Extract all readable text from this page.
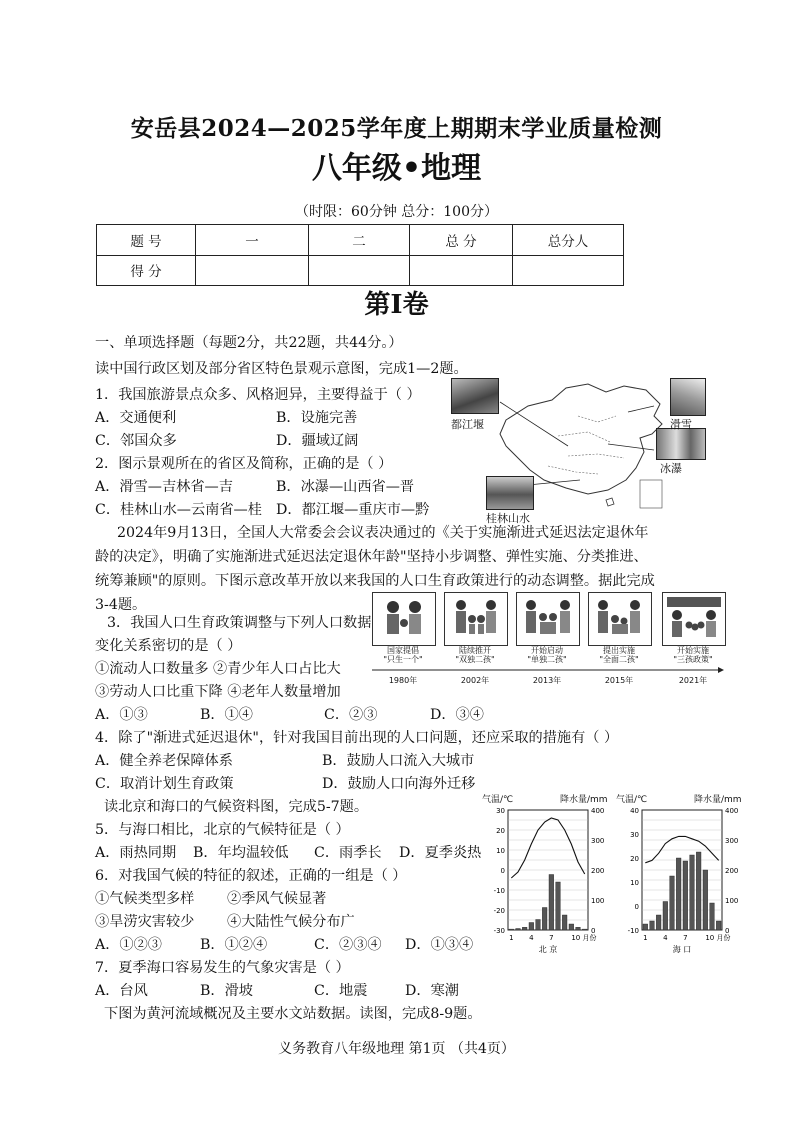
安岳县2024—2025学年度上期期末学业质量检测
八年级•地理
（时限：60分钟 总分：100分）
题 号	一	二	总 分	总分人
得 分				
第I卷
一、单项选择题（每题2分，共22题，共44分。）
读中国行政区划及部分省区特色景观示意图，完成1—2题。
1．我国旅游景点众多、风格迥异，主要得益于（ ）
A．交通便利	B．设施完善
C．邻国众多	D．疆域辽阔
2．图示景观所在的省区及简称，正确的是（ ）
A．滑雪—吉林省—吉	B．冰瀑—山西省—晋
C．桂林山水—云南省—桂 D．都江堰—重庆市—黔
都江堰	滑雪
冰瀑
桂林山水
2024年9月13日，全国人大常委会会议表决通过的《关于实施渐进式延迟法定退休年
龄的决定》，明确了实施渐进式延迟法定退休年龄"坚持小步调整、弹性实施、分类推进、
统筹兼顾"的原则。下图示意改革开放以来我国的人口生育政策进行的动态调整。据此完成
3-4题。
3．我国人口生育政策调整与下列人口数据
变化关系密切的是（ ）
①流动人口数量多 ②青少年人口占比大
③劳动人口比重下降 ④老年人数量增加
A．①③	B．①④	C．②③	D．③④
国家提倡
"只生一个"
陆续推开
"双独二孩"
开始启动
"单独二孩"
提出实施
"全面二孩"
开始实施
"三孩政策"
1980年	2002年	2013年	2015年	2021年
4．除了"渐进式延迟退休"，针对我国目前出现的人口问题，还应采取的措施有（ ）
A．健全养老保障体系	B．鼓励人口流入大城市
C．取消计划生育政策	D．鼓励人口向海外迁移
读北京和海口的气候资料图，完成5-7题。
5．与海口相比，北京的气候特征是（ ）
A．雨热同期 B．年均温较低 C．雨季长 D．夏季炎热
6．对我国气候的特征的叙述，正确的一组是（ ）
①气候类型多样 ②季风气候显著
③旱涝灾害较少 ④大陆性气候分布广
A．①②③	B．①②④	C．②③④ D．①③④
7．夏季海口容易发生的气象灾害是（ ）
A．台风	B．滑坡	C．地震	D．寒潮
下图为黄河流域概况及主要水文站数据。读图，完成8-9题。
气温/℃	降水量/mm 气温/℃	降水量/mm
30
20
10
0
-10
-20
-30
400
300
200
100
0
1 4 7	10 月份
北 京
40
30
20
10
0
-10
400
300
200
100
0
1 4 7	10 月份
海 口
义务教育八年级地理 第1页 （共4页）
